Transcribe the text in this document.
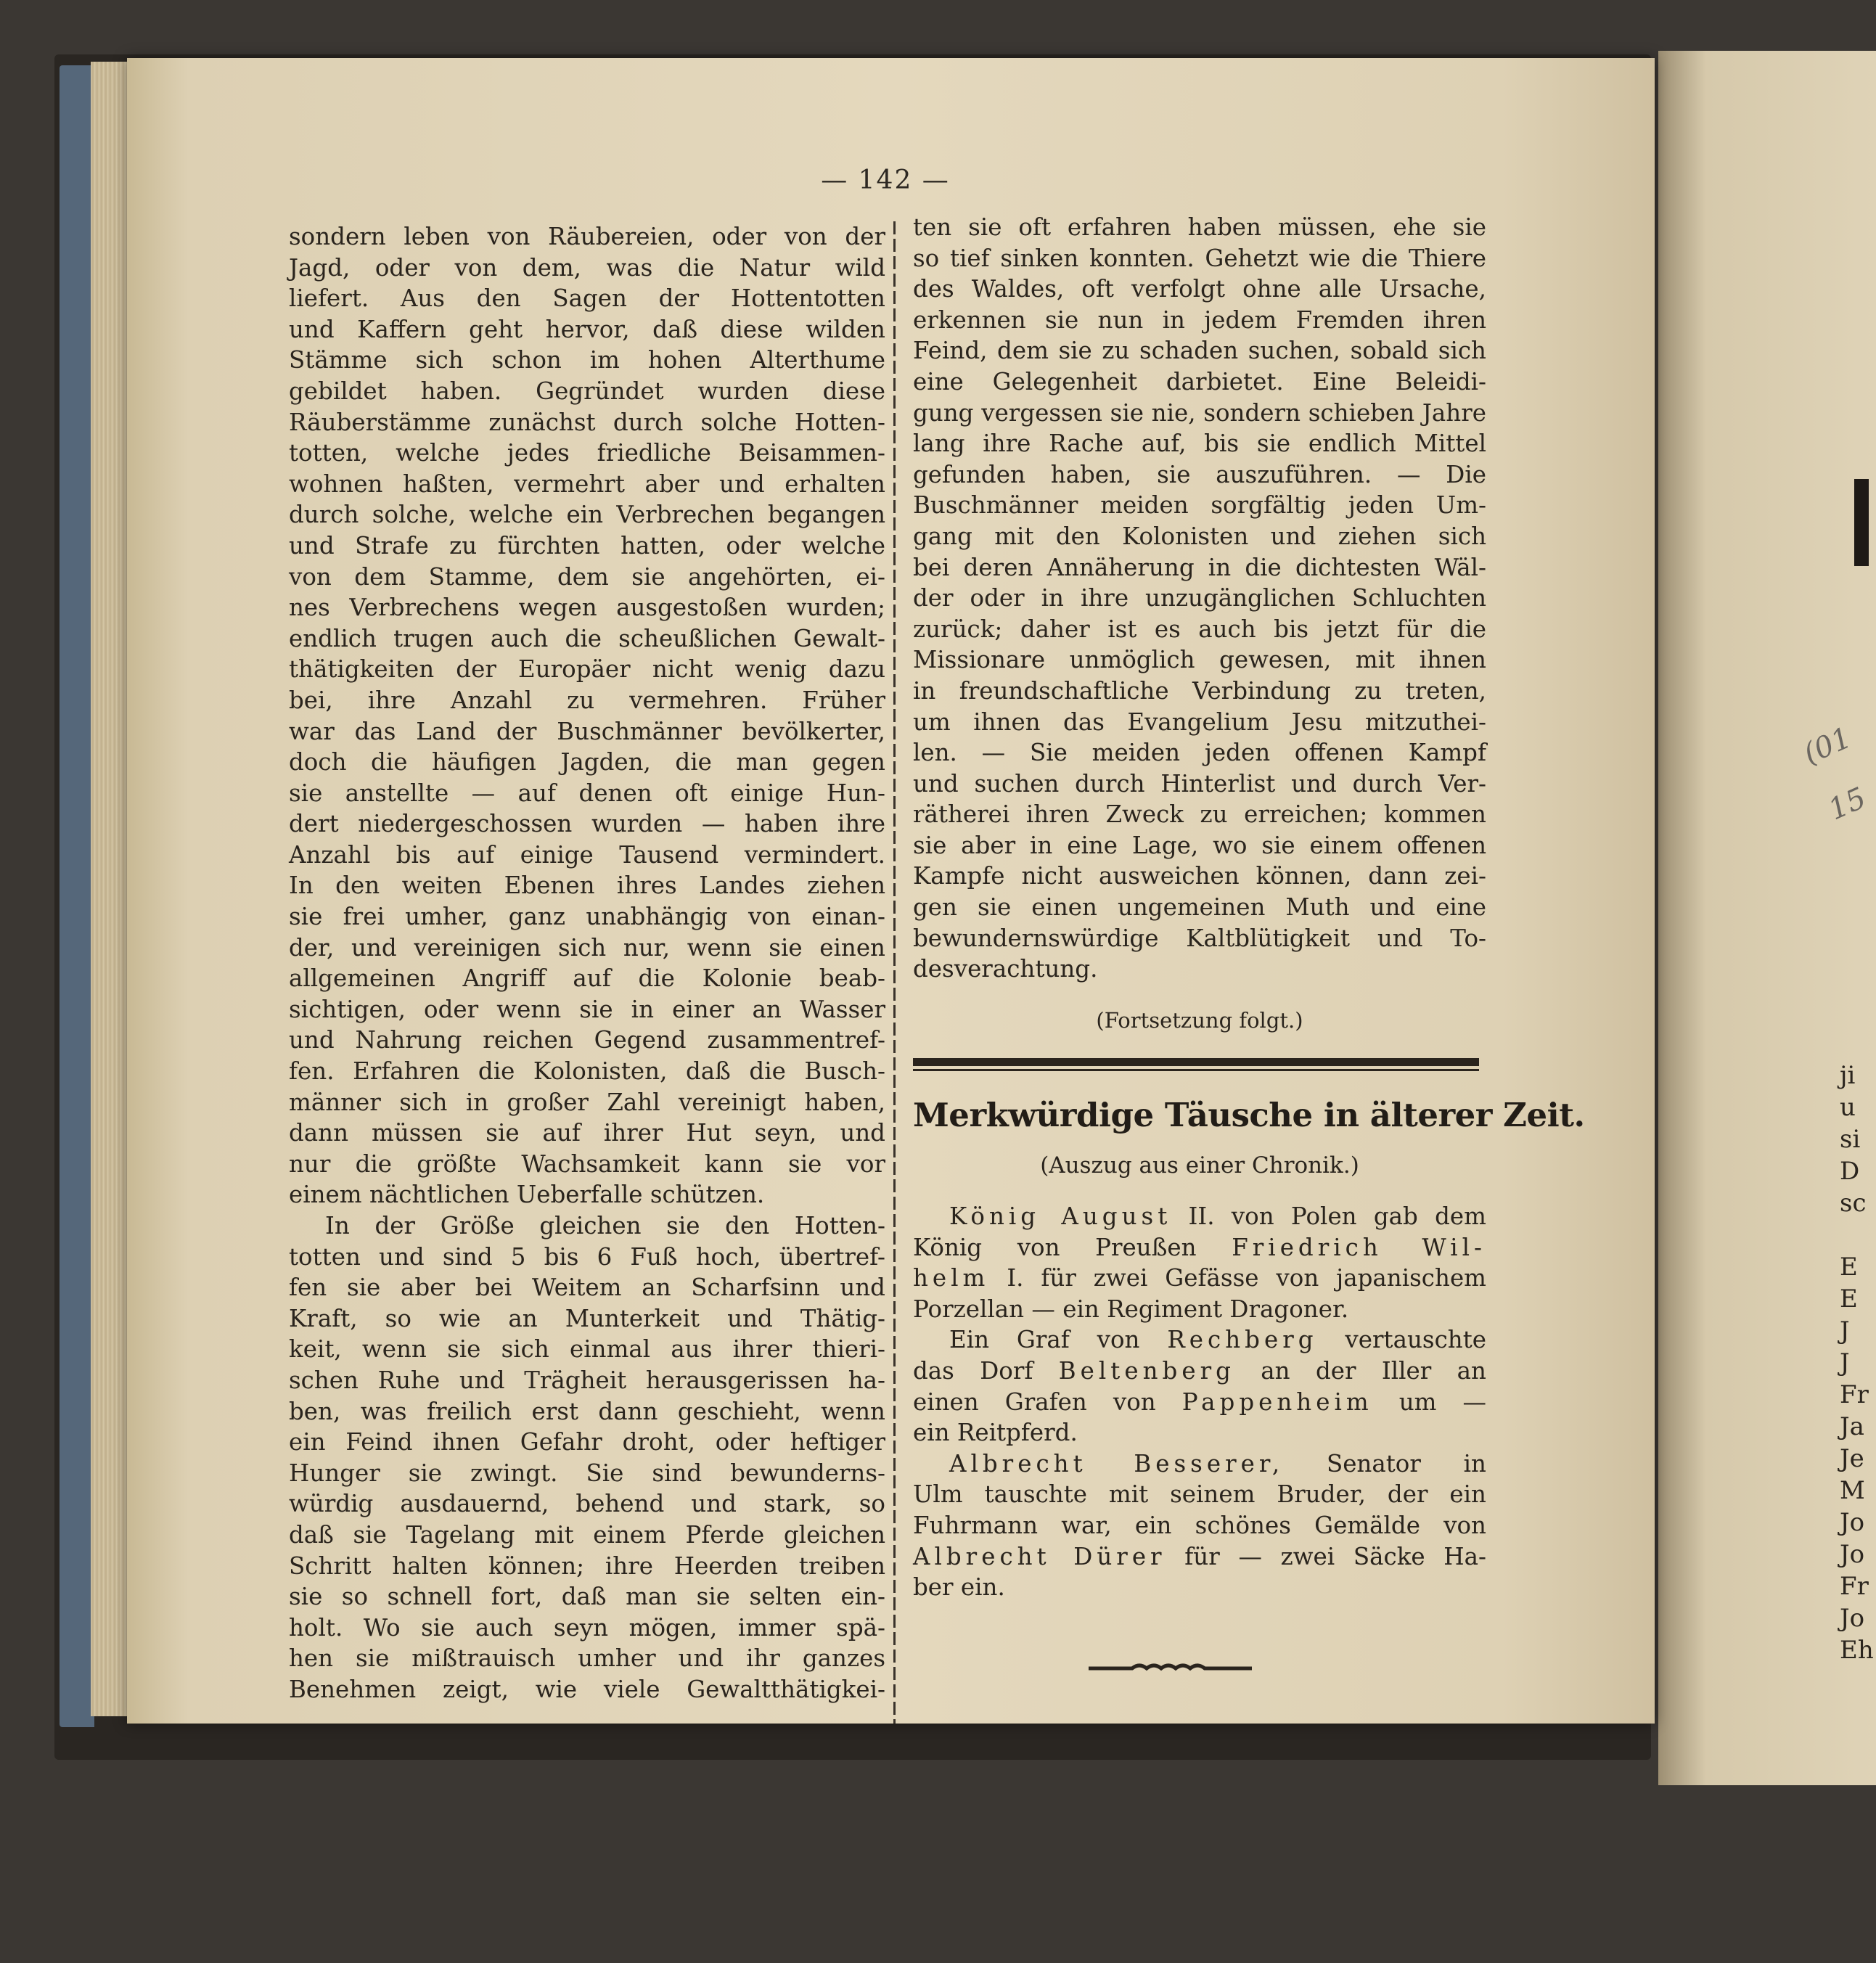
— 142 —
sondern leben von Räubereien, oder von der
Jagd, oder von dem, was die Natur wild
liefert. Aus den Sagen der Hottentotten
und Kaffern geht hervor, daß diese wilden
Stämme sich schon im hohen Alterthume
gebildet haben. Gegründet wurden diese
Räuberstämme zunächst durch solche Hotten-
totten, welche jedes friedliche Beisammen-
wohnen haßten, vermehrt aber und erhalten
durch solche, welche ein Verbrechen begangen
und Strafe zu fürchten hatten, oder welche
von dem Stamme, dem sie angehörten, ei-
nes Verbrechens wegen ausgestoßen wurden;
endlich trugen auch die scheußlichen Gewalt-
thätigkeiten der Europäer nicht wenig dazu
bei, ihre Anzahl zu vermehren. Früher
war das Land der Buschmänner bevölkerter,
doch die häufigen Jagden, die man gegen
sie anstellte — auf denen oft einige Hun-
dert niedergeschossen wurden — haben ihre
Anzahl bis auf einige Tausend vermindert.
In den weiten Ebenen ihres Landes ziehen
sie frei umher, ganz unabhängig von einan-
der, und vereinigen sich nur, wenn sie einen
allgemeinen Angriff auf die Kolonie beab-
sichtigen, oder wenn sie in einer an Wasser
und Nahrung reichen Gegend zusammentref-
fen. Erfahren die Kolonisten, daß die Busch-
männer sich in großer Zahl vereinigt haben,
dann müssen sie auf ihrer Hut seyn, und
nur die größte Wachsamkeit kann sie vor
einem nächtlichen Ueberfalle schützen.
In der Größe gleichen sie den Hotten-
totten und sind 5 bis 6 Fuß hoch, übertref-
fen sie aber bei Weitem an Scharfsinn und
Kraft, so wie an Munterkeit und Thätig-
keit, wenn sie sich einmal aus ihrer thieri-
schen Ruhe und Trägheit herausgerissen ha-
ben, was freilich erst dann geschieht, wenn
ein Feind ihnen Gefahr droht, oder heftiger
Hunger sie zwingt. Sie sind bewunderns-
würdig ausdauernd, behend und stark, so
daß sie Tagelang mit einem Pferde gleichen
Schritt halten können; ihre Heerden treiben
sie so schnell fort, daß man sie selten ein-
holt. Wo sie auch seyn mögen, immer spä-
hen sie mißtrauisch umher und ihr ganzes
Benehmen zeigt, wie viele Gewaltthätigkei-
ten sie oft erfahren haben müssen, ehe sie
so tief sinken konnten. Gehetzt wie die Thiere
des Waldes, oft verfolgt ohne alle Ursache,
erkennen sie nun in jedem Fremden ihren
Feind, dem sie zu schaden suchen, sobald sich
eine Gelegenheit darbietet. Eine Beleidi-
gung vergessen sie nie, sondern schieben Jahre
lang ihre Rache auf, bis sie endlich Mittel
gefunden haben, sie auszuführen. — Die
Buschmänner meiden sorgfältig jeden Um-
gang mit den Kolonisten und ziehen sich
bei deren Annäherung in die dichtesten Wäl-
der oder in ihre unzugänglichen Schluchten
zurück; daher ist es auch bis jetzt für die
Missionare unmöglich gewesen, mit ihnen
in freundschaftliche Verbindung zu treten,
um ihnen das Evangelium Jesu mitzuthei-
len. — Sie meiden jeden offenen Kampf
und suchen durch Hinterlist und durch Ver-
rätherei ihren Zweck zu erreichen; kommen
sie aber in eine Lage, wo sie einem offenen
Kampfe nicht ausweichen können, dann zei-
gen sie einen ungemeinen Muth und eine
bewundernswürdige Kaltblütigkeit und To-
desverachtung.
(Fortsetzung folgt.)
Merkwürdige Täusche in älterer Zeit.
(Auszug aus einer Chronik.)
König August II. von Polen gab dem
König von Preußen Friedrich Wil-
helm I. für zwei Gefässe von japanischem
Porzellan — ein Regiment Dragoner.
Ein Graf von Rechberg vertauschte
das Dorf Beltenberg an der Iller an
einen Grafen von Pappenheim um —
ein Reitpferd.
Albrecht Besserer, Senator in
Ulm tauschte mit seinem Bruder, der ein
Fuhrmann war, ein schönes Gemälde von
Albrecht Dürer für — zwei Säcke Ha-
ber ein.
(01
15
ji
u
si
D
sc
E
E
J
J
Fr
Ja
Je
M
Jo
Jo
Fr
Jo
Eh
